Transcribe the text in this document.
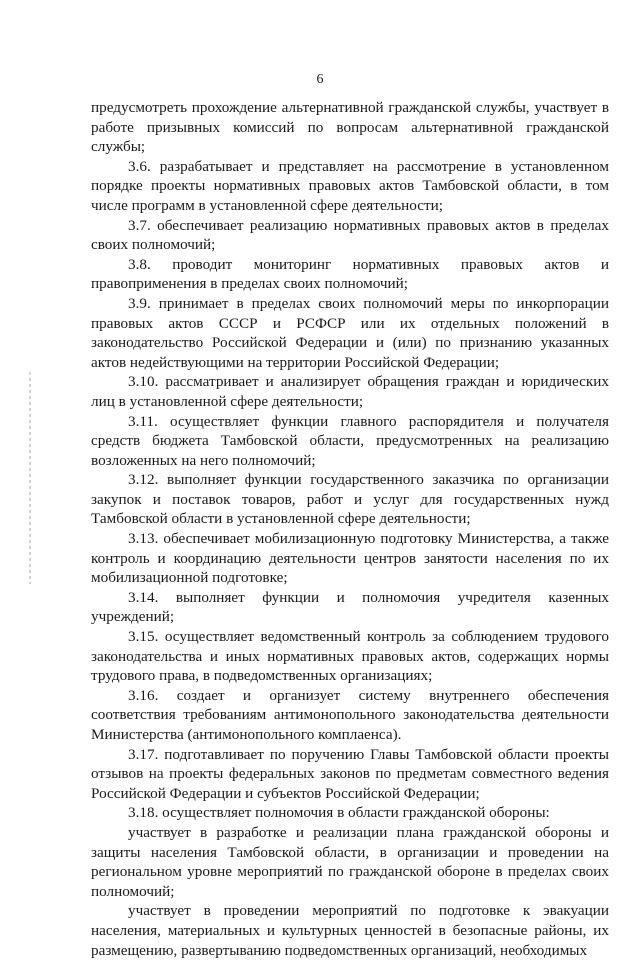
6

предусмотреть прохождение альтернативной гражданской службы, участвует в работе призывных комиссий по вопросам альтернативной гражданской службы;

3.6. разрабатывает и представляет на рассмотрение в установленном порядке проекты нормативных правовых актов Тамбовской области, в том числе программ в установленной сфере деятельности;

3.7. обеспечивает реализацию нормативных правовых актов в пределах своих полномочий;

3.8. проводит мониторинг нормативных правовых актов и правоприменения в пределах своих полномочий;

3.9. принимает в пределах своих полномочий меры по инкорпорации правовых актов СССР и РСФСР или их отдельных положений в законодательство Российской Федерации и (или) по признанию указанных актов недействующими на территории Российской Федерации;

3.10. рассматривает и анализирует обращения граждан и юридических лиц в установленной сфере деятельности;

3.11. осуществляет функции главного распорядителя и получателя средств бюджета Тамбовской области, предусмотренных на реализацию возложенных на него полномочий;

3.12. выполняет функции государственного заказчика по организации закупок и поставок товаров, работ и услуг для государственных нужд Тамбовской области в установленной сфере деятельности;

3.13. обеспечивает мобилизационную подготовку Министерства, а также контроль и координацию деятельности центров занятости населения по их мобилизационной подготовке;

3.14. выполняет функции и полномочия учредителя казенных учреждений;

3.15. осуществляет ведомственный контроль за соблюдением трудового законодательства и иных нормативных правовых актов, содержащих нормы трудового права, в подведомственных организациях;

3.16. создает и организует систему внутреннего обеспечения соответствия требованиям антимонопольного законодательства деятельности Министерства (антимонопольного комплаенса).

3.17. подготавливает по поручению Главы Тамбовской области проекты отзывов на проекты федеральных законов по предметам совместного ведения Российской Федерации и субъектов Российской Федерации;

3.18. осуществляет полномочия в области гражданской обороны:

участвует в разработке и реализации плана гражданской обороны и защиты населения Тамбовской области, в организации и проведении на региональном уровне мероприятий по гражданской обороне в пределах своих полномочий;

участвует в проведении мероприятий по подготовке к эвакуации населения, материальных и культурных ценностей в безопасные районы, их размещению, развертыванию подведомственных организаций, необходимых
